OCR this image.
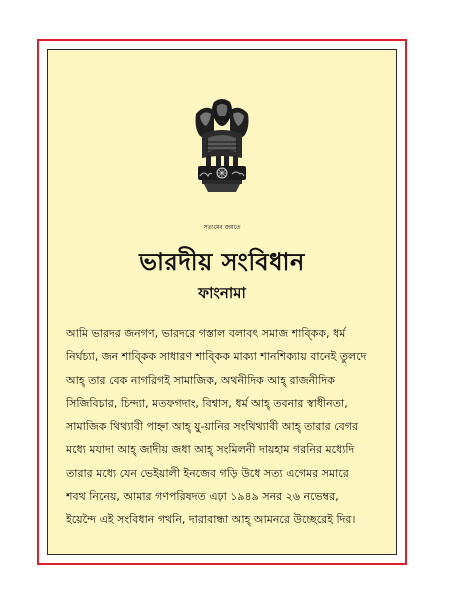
সত্যমেব জয়তে
ভারদীয় সংবিধান
ফাংনামা
আমি ভারদর জনগণ, ভারদরে গস্তাল বলাবৎ সমাজ শাব্কিক, ধর্ম
নির্ঘচ্যা, জন শাব্কিক সাধারণ শাব্কিক মাক্যা শানশিক্যায় বানেই তুলদে
আহ্ তার বেক নাগরিগই সামাজিক, অথনীদিক আহ্ রাজনীদিক
সিজিবিচার, চিন্দ্যা, মতফগদাং, বিশ্বাস, ধর্ম আহ্ তবনার স্বাধীনতা,
সামাজিক থিথ্যাবী পাহ্না আহ্ যু-য়ানির সংথিথ্যাবী আহ্ তারার বেগর
মধ্যে মযাদা আহ্ জাদীয় জধা আহ্ সংমিলনী দায়হাম গরনির মধ্যেদি
তারার মধ্যে যেন ভেইয়ালী ইনজেব গড়ি উধে সত্য এগেমর সমারে
শবথ নিনেয়, আমার গণপরিষদত এঢ়া ১৯৪৯ সনর ২৬ নভেম্বর,
ইয়েন্দৈ এই সংবিধান গথনি, দারাবান্ধা আহ্ আমনরে উচ্ছেরেই দির।
